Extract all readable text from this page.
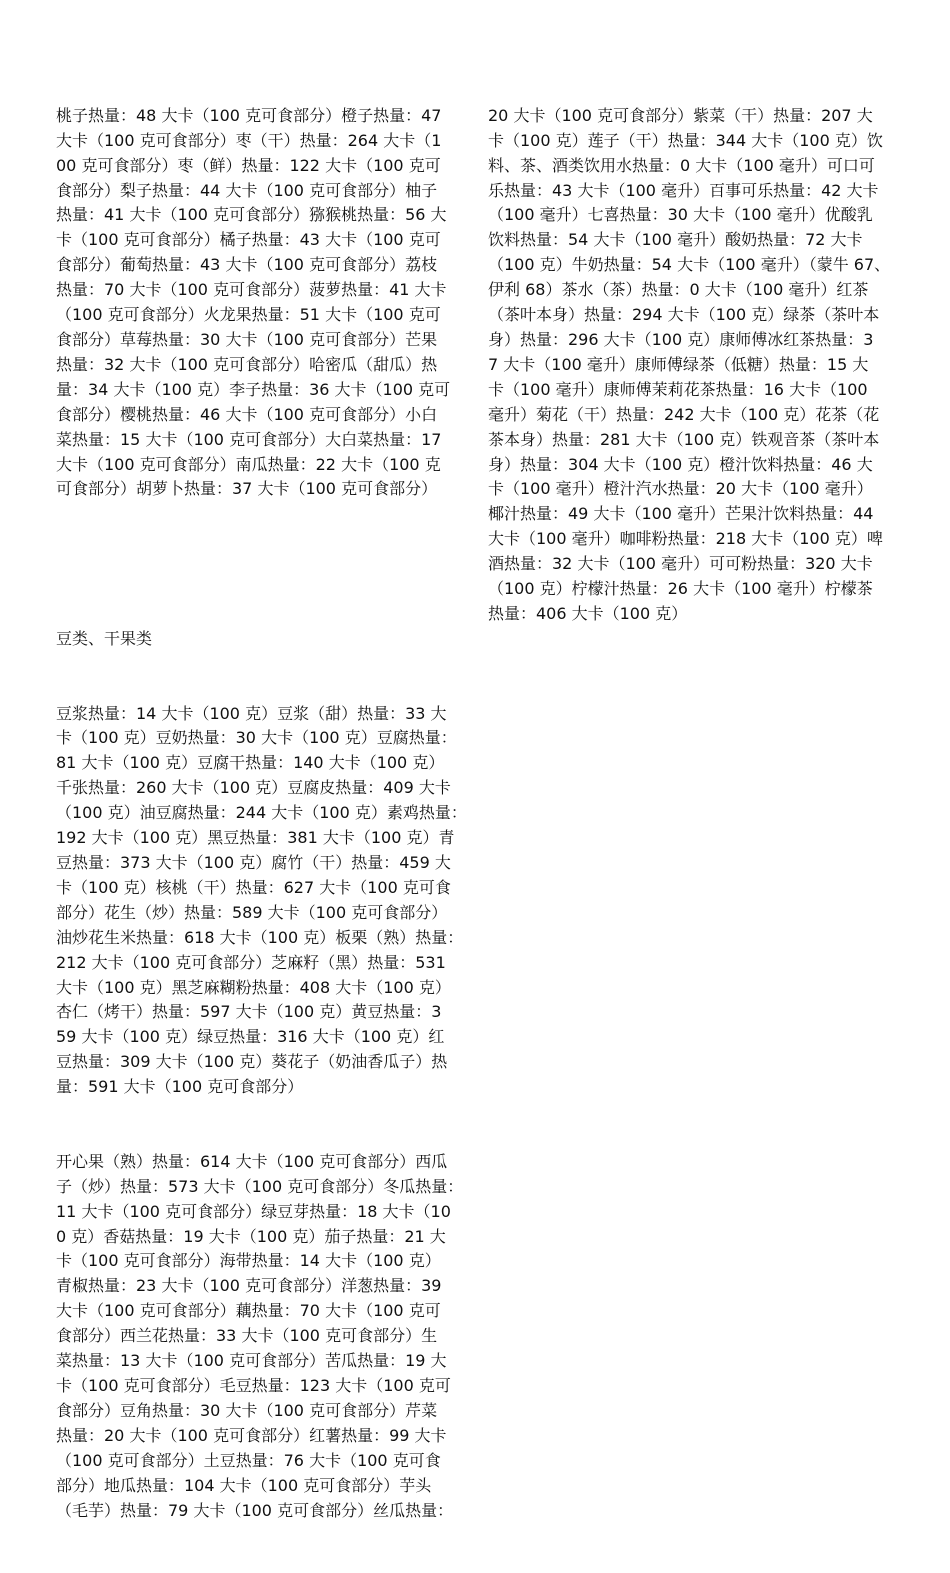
桃子热量：48 大卡（100 克可食部分）橙子热量：47
大卡（100 克可食部分）枣（干）热量：264 大卡（1
00 克可食部分）枣（鲜）热量：122 大卡（100 克可
食部分）梨子热量：44 大卡（100 克可食部分）柚子
热量：41 大卡（100 克可食部分）猕猴桃热量：56 大
卡（100 克可食部分）橘子热量：43 大卡（100 克可
食部分）葡萄热量：43 大卡（100 克可食部分）荔枝
热量：70 大卡（100 克可食部分）菠萝热量：41 大卡
（100 克可食部分）火龙果热量：51 大卡（100 克可
食部分）草莓热量：30 大卡（100 克可食部分）芒果
热量：32 大卡（100 克可食部分）哈密瓜（甜瓜）热
量：34 大卡（100 克）李子热量：36 大卡（100 克可
食部分）樱桃热量：46 大卡（100 克可食部分）小白
菜热量：15 大卡（100 克可食部分）大白菜热量：17
大卡（100 克可食部分）南瓜热量：22 大卡（100 克
可食部分）胡萝卜热量：37 大卡（100 克可食部分）

豆类、干果类

豆浆热量：14 大卡（100 克）豆浆（甜）热量：33 大
卡（100 克）豆奶热量：30 大卡（100 克）豆腐热量：
81 大卡（100 克）豆腐干热量：140 大卡（100 克）
千张热量：260 大卡（100 克）豆腐皮热量：409 大卡
（100 克）油豆腐热量：244 大卡（100 克）素鸡热量：
192 大卡（100 克）黑豆热量：381 大卡（100 克）青
豆热量：373 大卡（100 克）腐竹（干）热量：459 大
卡（100 克）核桃（干）热量：627 大卡（100 克可食
部分）花生（炒）热量：589 大卡（100 克可食部分）
油炒花生米热量：618 大卡（100 克）板栗（熟）热量：
212 大卡（100 克可食部分）芝麻籽（黑）热量：531
大卡（100 克）黑芝麻糊粉热量：408 大卡（100 克）
杏仁（烤干）热量：597 大卡（100 克）黄豆热量：3
59 大卡（100 克）绿豆热量：316 大卡（100 克）红
豆热量：309 大卡（100 克）葵花子（奶油香瓜子）热
量：591 大卡（100 克可食部分）

开心果（熟）热量：614 大卡（100 克可食部分）西瓜
子（炒）热量：573 大卡（100 克可食部分）冬瓜热量：
11 大卡（100 克可食部分）绿豆芽热量：18 大卡（10
0 克）香菇热量：19 大卡（100 克）茄子热量：21 大
卡（100 克可食部分）海带热量：14 大卡（100 克）
青椒热量：23 大卡（100 克可食部分）洋葱热量：39
大卡（100 克可食部分）藕热量：70 大卡（100 克可
食部分）西兰花热量：33 大卡（100 克可食部分）生
菜热量：13 大卡（100 克可食部分）苦瓜热量：19 大
卡（100 克可食部分）毛豆热量：123 大卡（100 克可
食部分）豆角热量：30 大卡（100 克可食部分）芹菜
热量：20 大卡（100 克可食部分）红薯热量：99 大卡
（100 克可食部分）土豆热量：76 大卡（100 克可食
部分）地瓜热量：104 大卡（100 克可食部分）芋头
（毛芋）热量：79 大卡（100 克可食部分）丝瓜热量：

20 大卡（100 克可食部分）紫菜（干）热量：207 大
卡（100 克）莲子（干）热量：344 大卡（100 克）饮
料、茶、酒类饮用水热量：0 大卡（100 毫升）可口可
乐热量：43 大卡（100 毫升）百事可乐热量：42 大卡
（100 毫升）七喜热量：30 大卡（100 毫升）优酸乳
饮料热量：54 大卡（100 毫升）酸奶热量：72 大卡
（100 克）牛奶热量：54 大卡（100 毫升）（蒙牛 67、
伊利 68）茶水（茶）热量：0 大卡（100 毫升）红茶
（茶叶本身）热量：294 大卡（100 克）绿茶（茶叶本
身）热量：296 大卡（100 克）康师傅冰红茶热量：3
7 大卡（100 毫升）康师傅绿茶（低糖）热量：15 大
卡（100 毫升）康师傅茉莉花茶热量：16 大卡（100
毫升）菊花（干）热量：242 大卡（100 克）花茶（花
茶本身）热量：281 大卡（100 克）铁观音茶（茶叶本
身）热量：304 大卡（100 克）橙汁饮料热量：46 大
卡（100 毫升）橙汁汽水热量：20 大卡（100 毫升）
椰汁热量：49 大卡（100 毫升）芒果汁饮料热量：44
大卡（100 毫升）咖啡粉热量：218 大卡（100 克）啤
酒热量：32 大卡（100 毫升）可可粉热量：320 大卡
（100 克）柠檬汁热量：26 大卡（100 毫升）柠檬茶
热量：406 大卡（100 克）
